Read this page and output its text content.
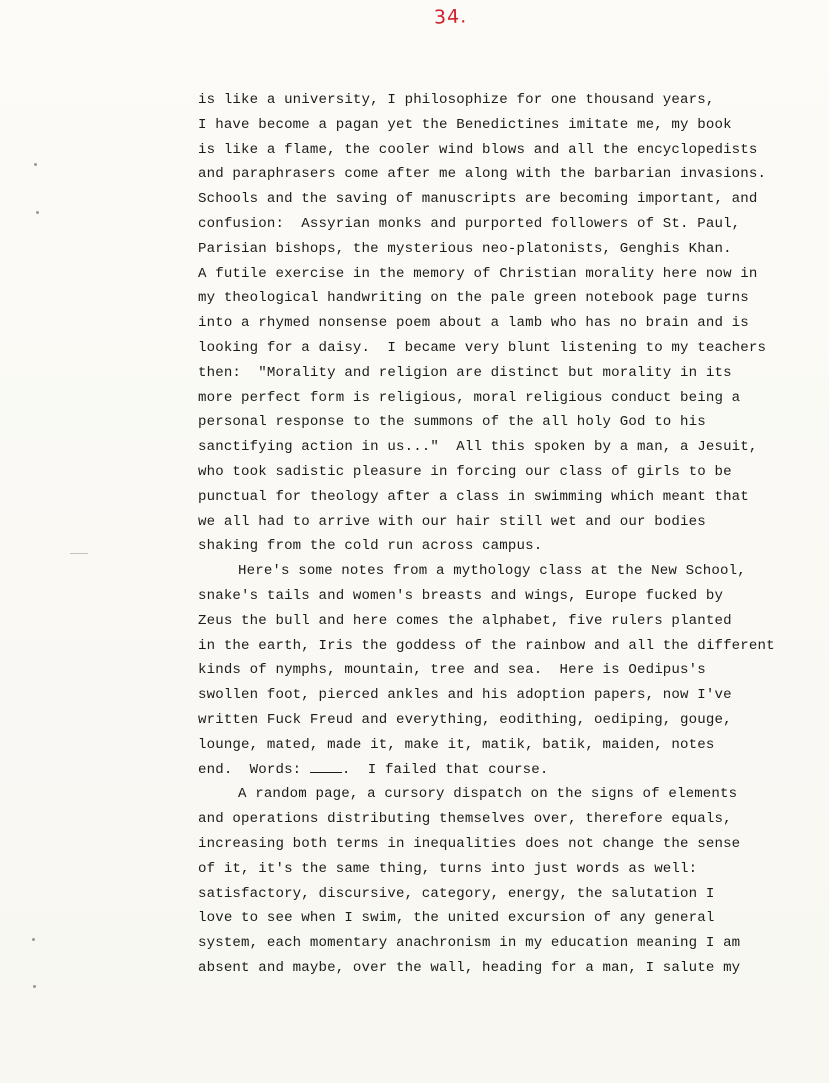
34.
is like a university, I philosophize for one thousand years,
I have become a pagan yet the Benedictines imitate me, my book
is like a flame, the cooler wind blows and all the encyclopedists
and paraphrasers come after me along with the barbarian invasions.
Schools and the saving of manuscripts are becoming important, and
confusion:  Assyrian monks and purported followers of St. Paul,
Parisian bishops, the mysterious neo-platonists, Genghis Khan.
A futile exercise in the memory of Christian morality here now in
my theological handwriting on the pale green notebook page turns
into a rhymed nonsense poem about a lamb who has no brain and is
looking for a daisy.  I became very blunt listening to my teachers
then:  "Morality and religion are distinct but morality in its
more perfect form is religious, moral religious conduct being a
personal response to the summons of the all holy God to his
sanctifying action in us..."  All this spoken by a man, a Jesuit,
who took sadistic pleasure in forcing our class of girls to be
punctual for theology after a class in swimming which meant that
we all had to arrive with our hair still wet and our bodies
shaking from the cold run across campus.
Here's some notes from a mythology class at the New School,
snake's tails and women's breasts and wings, Europe fucked by
Zeus the bull and here comes the alphabet, five rulers planted
in the earth, Iris the goddess of the rainbow and all the different
kinds of nymphs, mountain, tree and sea.  Here is Oedipus's
swollen foot, pierced ankles and his adoption papers, now I've
written Fuck Freud and everything, eodithing, oediping, gouge,
lounge, mated, made it, make it, matik, batik, maiden, notes
end.  Words: .  I failed that course.
A random page, a cursory dispatch on the signs of elements
and operations distributing themselves over, therefore equals,
increasing both terms in inequalities does not change the sense
of it, it's the same thing, turns into just words as well:
satisfactory, discursive, category, energy, the salutation I
love to see when I swim, the united excursion of any general
system, each momentary anachronism in my education meaning I am
absent and maybe, over the wall, heading for a man, I salute my
